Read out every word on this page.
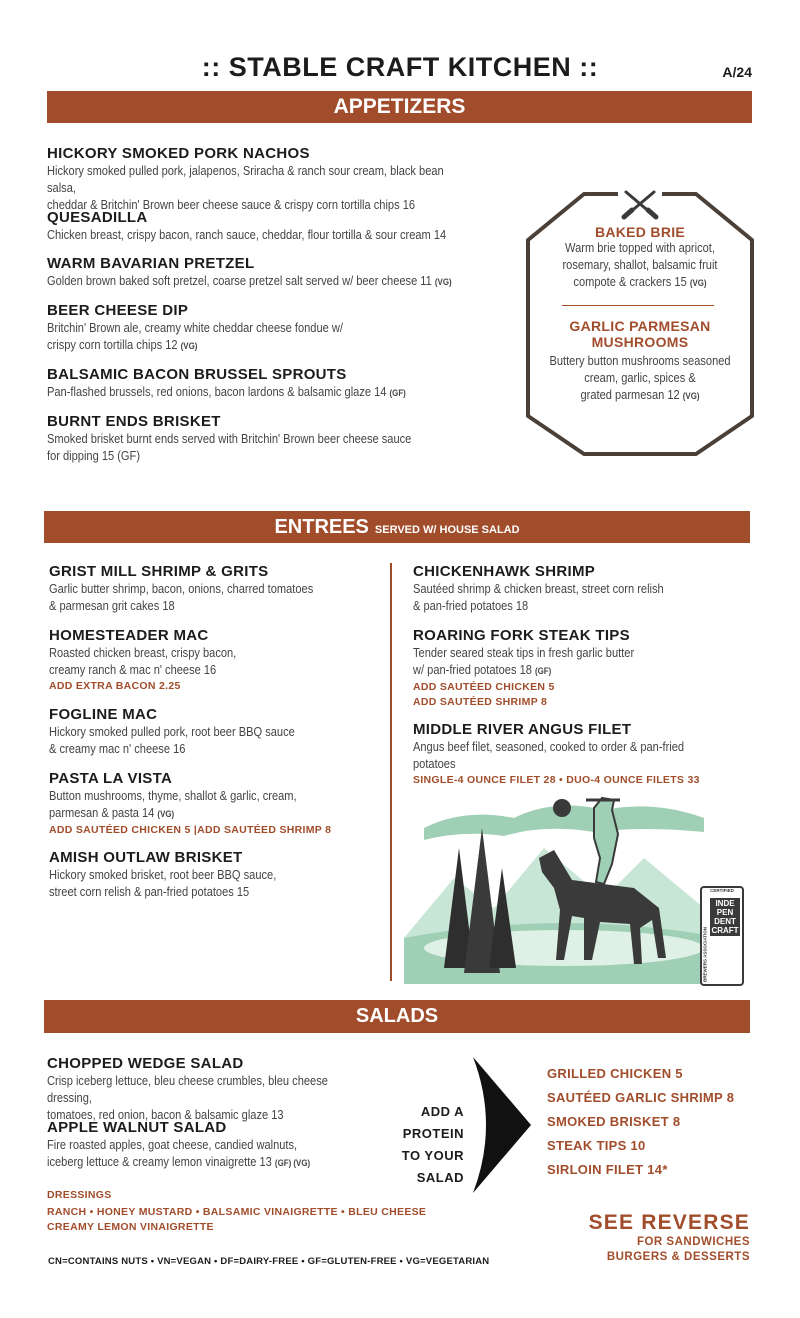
:: STABLE CRAFT KITCHEN ::	A/24
APPETIZERS
HICKORY SMOKED PORK NACHOS
Hickory smoked pulled pork, jalapenos, Sriracha & ranch sour cream, black bean salsa,
cheddar & Britchin' Brown beer cheese sauce & crispy corn tortilla chips 16
QUESADILLA
Chicken breast, crispy bacon, ranch sauce, cheddar, flour tortilla & sour cream 14
WARM BAVARIAN PRETZEL
Golden brown baked soft pretzel, coarse pretzel salt served w/ beer cheese 11 (VG)
BEER CHEESE DIP
Britchin' Brown ale, creamy white cheddar cheese fondue w/
crispy corn tortilla chips 12 (VG)
BALSAMIC BACON BRUSSEL SPROUTS
Pan-flashed brussels, red onions, bacon lardons & balsamic glaze 14 (GF)
BURNT ENDS BRISKET
Smoked brisket burnt ends served with Britchin' Brown beer cheese sauce
for dipping 15 (GF)
BAKED BRIE
Warm brie topped with apricot,
rosemary, shallot, balsamic fruit
compote & crackers 15 (VG)
GARLIC PARMESAN
MUSHROOMS
Buttery button mushrooms seasoned
cream, garlic, spices &
grated parmesan 12 (VG)
ENTREES SERVED W/ HOUSE SALAD
GRIST MILL SHRIMP & GRITS
Garlic butter shrimp, bacon, onions, charred tomatoes
& parmesan grit cakes 18
HOMESTEADER MAC
Roasted chicken breast, crispy bacon,
creamy ranch & mac n' cheese 16
ADD EXTRA BACON 2.25
FOGLINE MAC
Hickory smoked pulled pork, root beer BBQ sauce
& creamy mac n' cheese 16
PASTA LA VISTA
Button mushrooms, thyme, shallot & garlic, cream,
parmesan & pasta 14 (VG)
ADD SAUTÉED CHICKEN 5 |ADD SAUTÉED SHRIMP 8
AMISH OUTLAW BRISKET
Hickory smoked brisket, root beer BBQ sauce,
street corn relish & pan-fried potatoes 15
CHICKENHAWK SHRIMP
Sautéed shrimp & chicken breast, street corn relish
& pan-fried potatoes 18
ROARING FORK STEAK TIPS
Tender seared steak tips in fresh garlic butter
w/ pan-fried potatoes 18 (GF)
ADD SAUTÉED CHICKEN 5
ADD SAUTÉED SHRIMP 8
MIDDLE RIVER ANGUS FILET
Angus beef filet, seasoned, cooked to order & pan-fried potatoes
SINGLE-4 OUNCE FILET 28 • DUO-4 OUNCE FILETS 33
CERTIFIED
INDE
PEN
DENT
CRAFT
BREWERS ASSOCIATION
SALADS
CHOPPED WEDGE SALAD
Crisp iceberg lettuce, bleu cheese crumbles, bleu cheese dressing,
tomatoes, red onion, bacon & balsamic glaze 13
APPLE WALNUT SALAD
Fire roasted apples, goat cheese, candied walnuts,
iceberg lettuce & creamy lemon vinaigrette 13 (GF) (VG)
DRESSINGS
RANCH • HONEY MUSTARD • BALSAMIC VINAIGRETTE • BLEU CHEESE
CREAMY LEMON VINAIGRETTE
ADD A
PROTEIN
TO YOUR
SALAD
GRILLED CHICKEN 5
SAUTÉED GARLIC SHRIMP 8
SMOKED BRISKET 8
STEAK TIPS 10
SIRLOIN FILET 14*
SEE REVERSE
FOR SANDWICHES
BURGERS & DESSERTS
CN=CONTAINS NUTS • VN=VEGAN • DF=DAIRY-FREE • GF=GLUTEN-FREE • VG=VEGETARIAN
